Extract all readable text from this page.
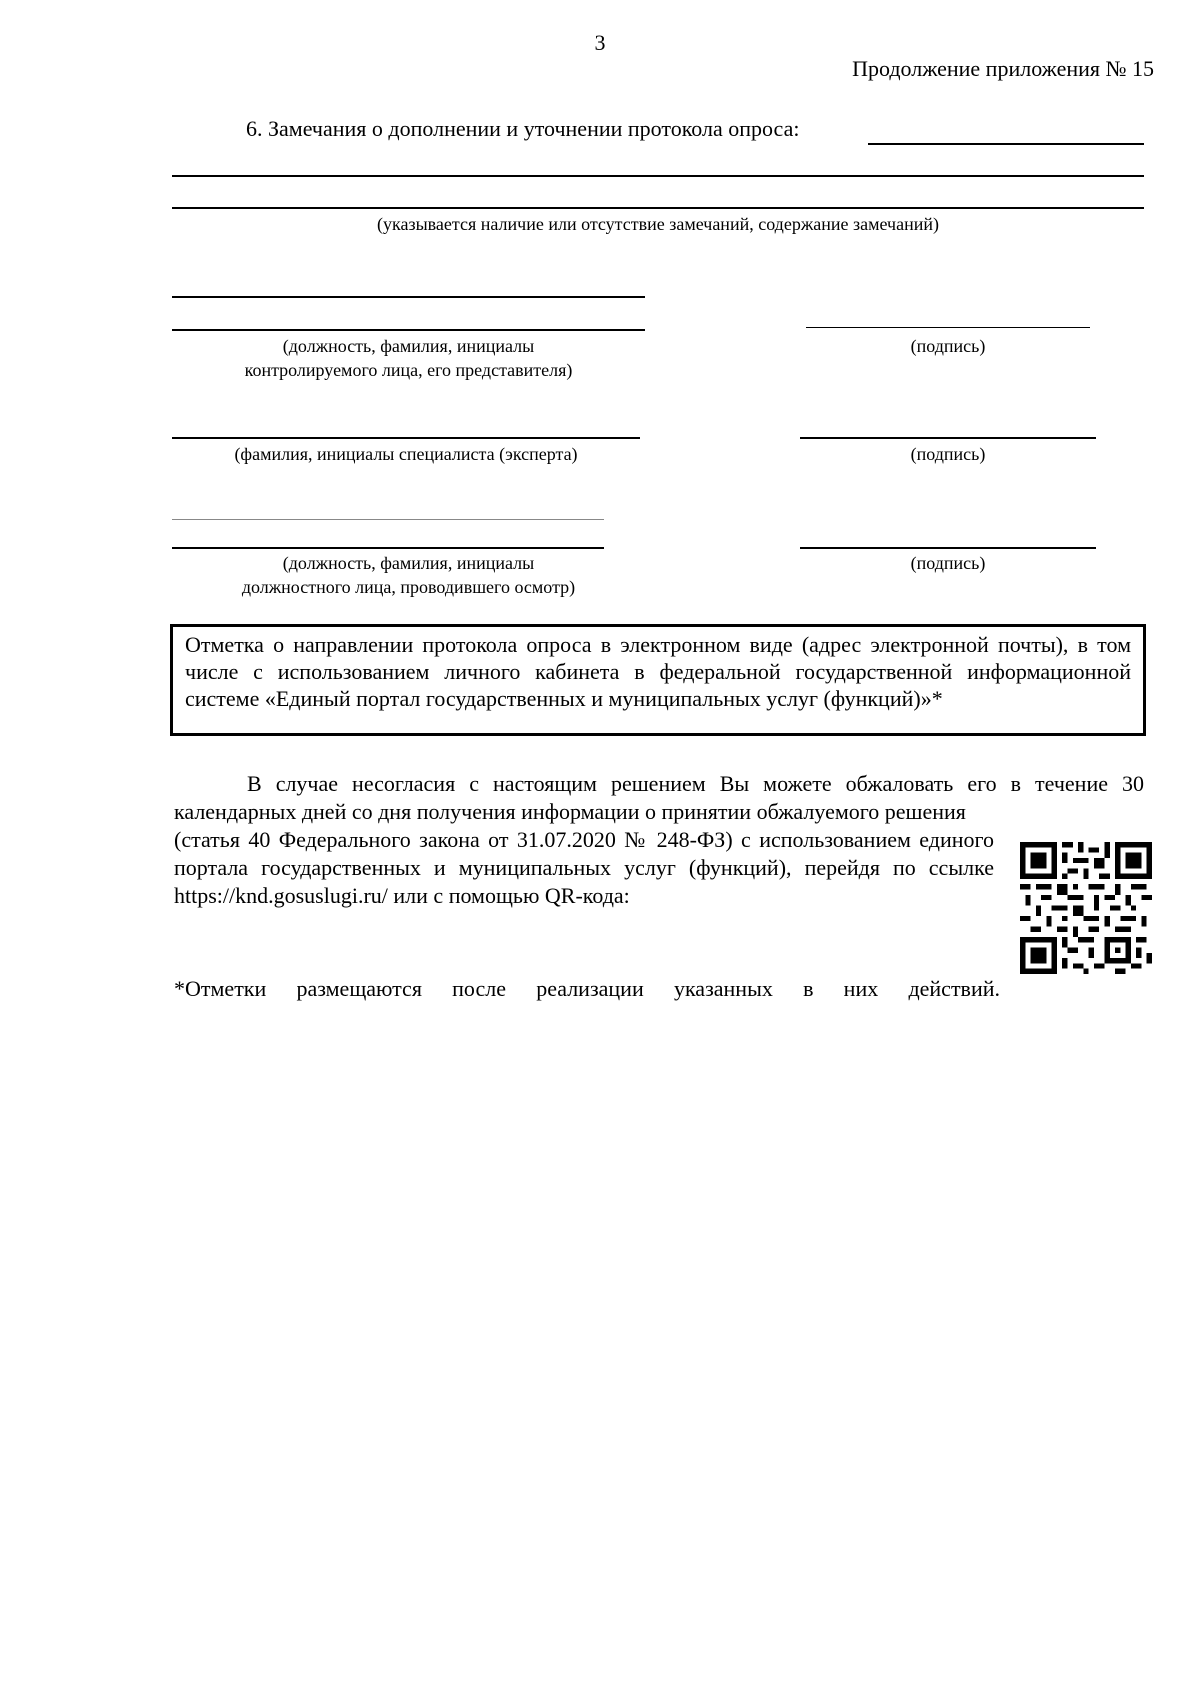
3
Продолжение приложения № 15
6. Замечания о дополнении и уточнении протокола опроса:
(указывается наличие или отсутствие замечаний, содержание замечаний)
(должность, фамилия, инициалы
контролируемого лица, его представителя)
(подпись)
(фамилия, инициалы специалиста (эксперта)	(подпись)
(должность, фамилия, инициалы
должностного лица, проводившего осмотр)
(подпись)
Отметка о направлении протокола опроса в электронном виде (адрес электронной почты), в том числе с использованием личного кабинета в федеральной государственной информационной системе «Единый портал государственных и муниципальных услуг (функций)»*

В случае несогласия с настоящим решением Вы можете обжаловать его в течение 30 календарных дней со дня получения информации о принятии обжалуемого решения

(статья 40 Федерального закона от 31.07.2020 № 248-ФЗ) с использованием единого портала государственных и муниципальных услуг (функций), перейдя по ссылке https://knd.gosuslugi.ru/ или с помощью QR-кода:

*Отметки размещаются после реализации указанных в них действий.
